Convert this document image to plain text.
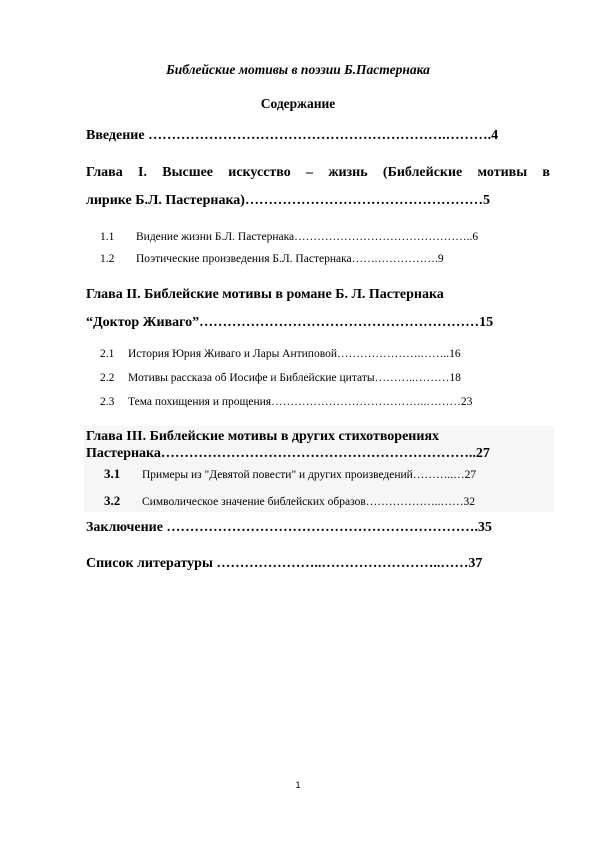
Библейские мотивы в поэзии Б.Пастернака
Содержание
Введение ……………………………………………………….……….4
Глава I. Высшее искусство – жизнь (Библейские мотивы в
лирике Б.Л. Пастернака)……………………………………………5
1.1 Видение жизни Б.Л. Пастернака………………………………………..6
1.2 Поэтические произведения Б.Л. Пастернака…….…………….9
Глава II. Библейские мотивы в романе Б. Л. Пастернака
“Доктор Живаго”……………………………………………………15
2.1 История Юрия Живаго и Лары Антиповой………………….……..16
2.2 Мотивы рассказа об Иосифе и Библейские цитаты………..………18
2.3 Тема похищения и прощения…………………………………..………23
Глава III. Библейские мотивы в других стихотворениях
Пастернака…………………………………………………………..27
3.1 Примеры из "Девятой повести" и других произведений………..…27
3.2 Символическое значение библейских образов………………..……32
Заключение ………………………………………………………….35
Список литературы …………………..……………………..……37
1
